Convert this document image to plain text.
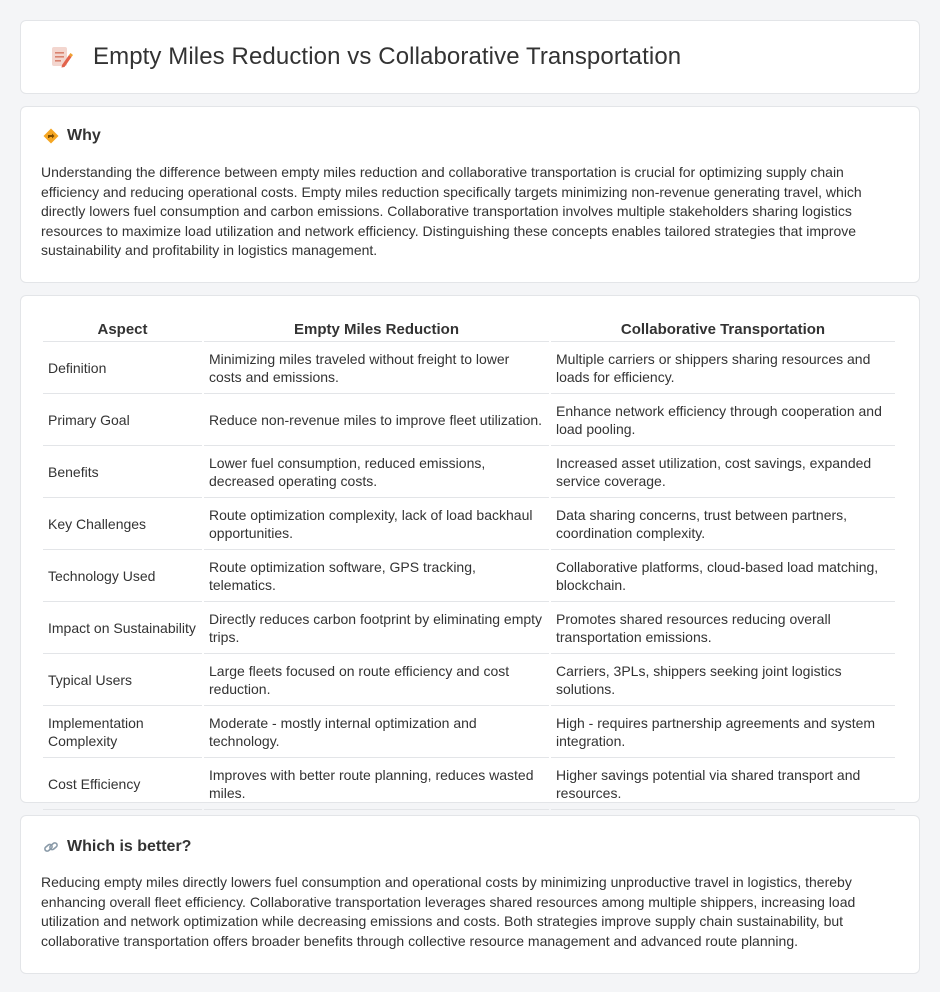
Empty Miles Reduction vs Collaborative Transportation
Why

Understanding the difference between empty miles reduction and collaborative transportation is crucial for optimizing supply chain efficiency and reducing operational costs. Empty miles reduction specifically targets minimizing non-revenue generating travel, which directly lowers fuel consumption and carbon emissions. Collaborative transportation involves multiple stakeholders sharing logistics resources to maximize load utilization and network efficiency. Distinguishing these concepts enables tailored strategies that improve sustainability and profitability in logistics management.

Aspect	Empty Miles Reduction	Collaborative Transportation
Definition	Minimizing miles traveled without freight to lower costs and emissions.	Multiple carriers or shippers sharing resources and loads for efficiency.
Primary Goal	Reduce non-revenue miles to improve fleet utilization.	Enhance network efficiency through cooperation and load pooling.
Benefits	Lower fuel consumption, reduced emissions, decreased operating costs.	Increased asset utilization, cost savings, expanded service coverage.
Key Challenges	Route optimization complexity, lack of load backhaul opportunities.	Data sharing concerns, trust between partners, coordination complexity.
Technology Used	Route optimization software, GPS tracking, telematics.	Collaborative platforms, cloud-based load matching, blockchain.
Impact on Sustainability	Directly reduces carbon footprint by eliminating empty trips.	Promotes shared resources reducing overall transportation emissions.
Typical Users	Large fleets focused on route efficiency and cost reduction.	Carriers, 3PLs, shippers seeking joint logistics solutions.
Implementation Complexity	Moderate - mostly internal optimization and technology.	High - requires partnership agreements and system integration.
Cost Efficiency	Improves with better route planning, reduces wasted miles.	Higher savings potential via shared transport and resources.
Which is better?

Reducing empty miles directly lowers fuel consumption and operational costs by minimizing unproductive travel in logistics, thereby enhancing overall fleet efficiency. Collaborative transportation leverages shared resources among multiple shippers, increasing load utilization and network optimization while decreasing emissions and costs. Both strategies improve supply chain sustainability, but collaborative transportation offers broader benefits through collective resource management and advanced route planning.
